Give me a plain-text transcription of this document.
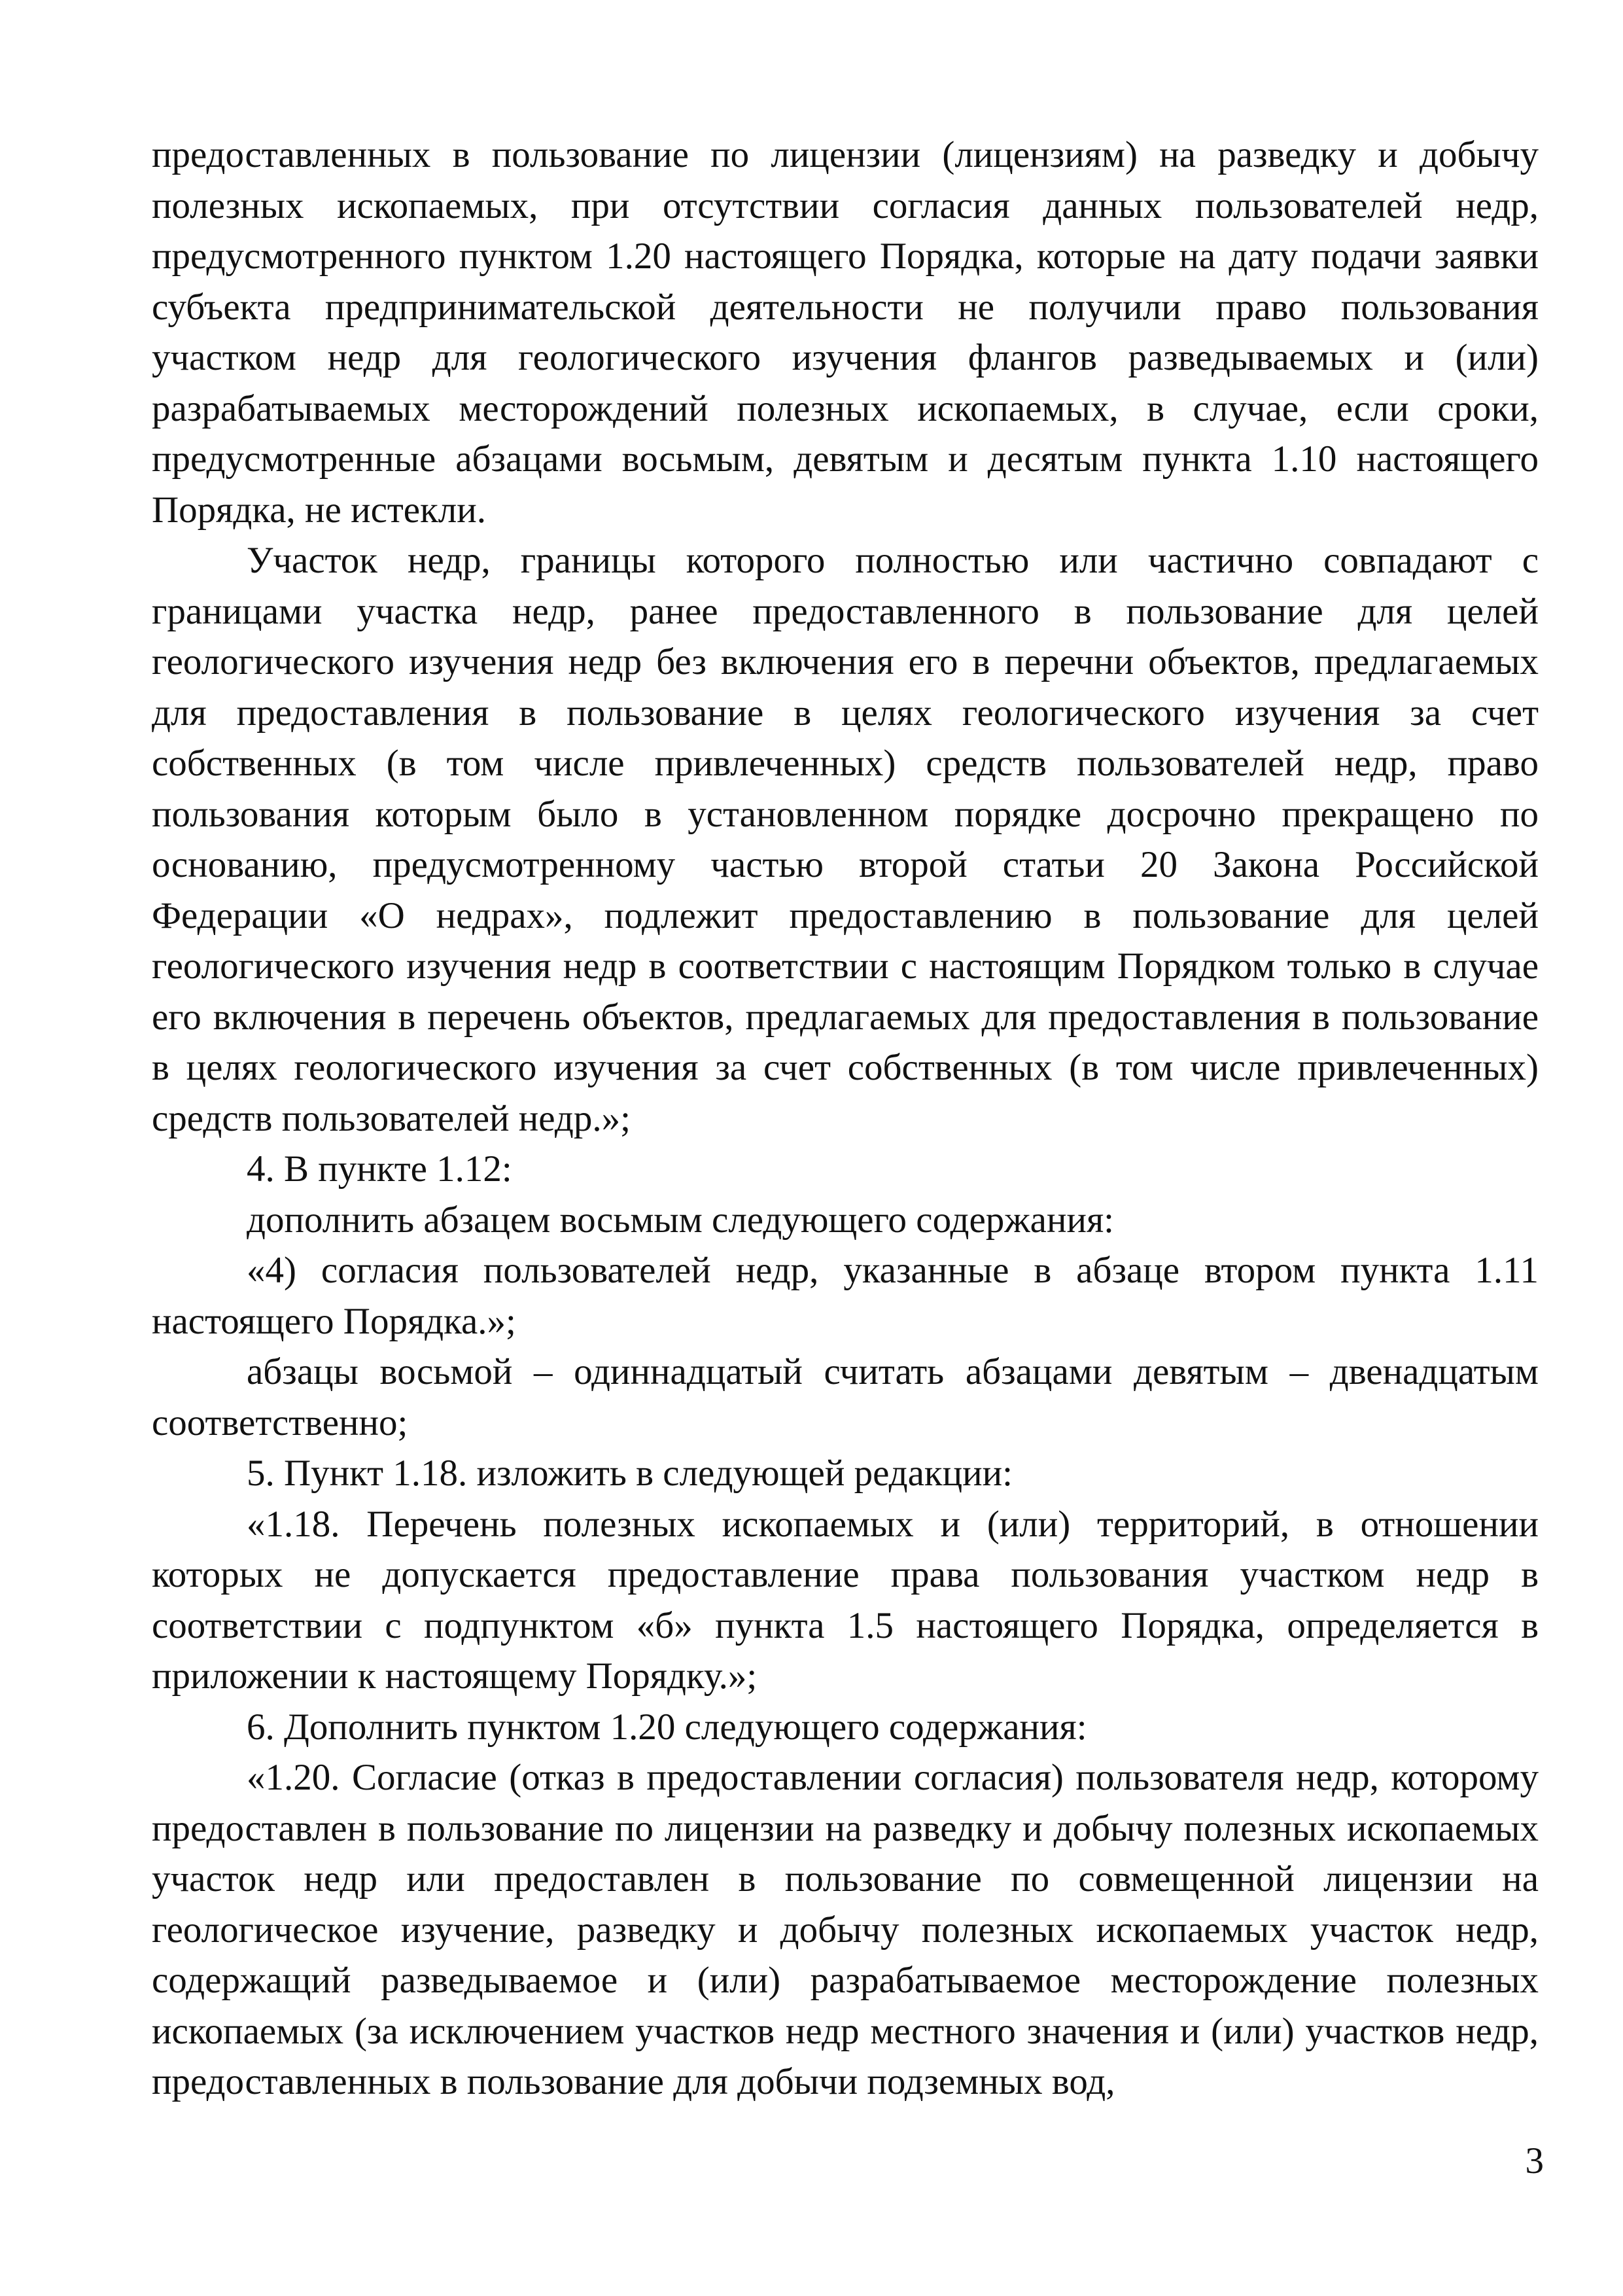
предоставленных в пользование по лицензии (лицензиям) на разведку и добычу полезных ископаемых, при отсутствии согласия данных пользователей недр, предусмотренного пунктом 1.20 настоящего Порядка, которые на дату подачи заявки субъекта предпринимательской деятельности не получили право пользования участком недр для геологического изучения флангов разведываемых и (или) разрабатываемых месторождений полезных ископаемых, в случае, если сроки, предусмотренные абзацами восьмым, девятым и десятым пункта 1.10 настоящего Порядка, не истекли.

Участок недр, границы которого полностью или частично совпадают с границами участка недр, ранее предоставленного в пользование для целей геологического изучения недр без включения его в перечни объектов, предлагаемых для предоставления в пользование в целях геологического изучения за счет собственных (в том числе привлеченных) средств пользователей недр, право пользования которым было в установленном порядке досрочно прекращено по основанию, предусмотренному частью второй статьи 20 Закона Российской Федерации «О недрах», подлежит предоставлению в пользование для целей геологического изучения недр в соответствии с настоящим Порядком только в случае его включения в перечень объектов, предлагаемых для предоставления в пользование в целях геологического изучения за счет собственных (в том числе привлеченных) средств пользователей недр.»;

4. В пункте 1.12:

дополнить абзацем восьмым следующего содержания:

«4) согласия пользователей недр, указанные в абзаце втором пункта 1.11 настоящего Порядка.»;

абзацы восьмой – одиннадцатый считать абзацами девятым – двенадцатым соответственно;

5. Пункт 1.18. изложить в следующей редакции:

«1.18. Перечень полезных ископаемых и (или) территорий, в отношении которых не допускается предоставление права пользования участком недр в соответствии с подпунктом «б» пункта 1.5 настоящего Порядка, определяется в приложении к настоящему Порядку.»;

6. Дополнить пунктом 1.20 следующего содержания:

«1.20. Согласие (отказ в предоставлении согласия) пользователя недр, которому предоставлен в пользование по лицензии на разведку и добычу полезных ископаемых участок недр или предоставлен в пользование по совмещенной лицензии на геологическое изучение, разведку и добычу полезных ископаемых участок недр, содержащий разведываемое и (или) разрабатываемое месторождение полезных ископаемых (за исключением участков недр местного значения и (или) участков недр, предоставленных в пользование для добычи подземных вод,

3
